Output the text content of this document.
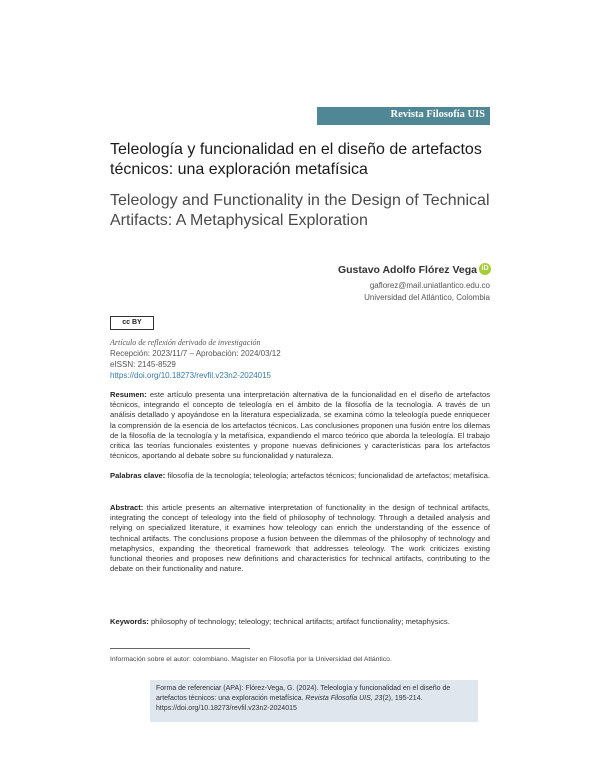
Revista Filosofía UIS
Teleología y funcionalidad en el diseño de artefactos técnicos: una exploración metafísica
Teleology and Functionality in the Design of Technical Artifacts: A Metaphysical Exploration
Gustavo Adolfo Flórez Vega iD
gaflorez@mail.uniatlantico.edu.co
Universidad del Atlántico, Colombia
cc BY
Artículo de reflexión derivado de investigación
Recepción: 2023/11/7 – Aprobación: 2024/03/12
eISSN: 2145-8529
https://doi.org/10.18273/revfil.v23n2-2024015
Resumen: este artículo presenta una interpretación alternativa de la funcionalidad en el diseño de artefactos técnicos, integrando el concepto de teleología en el ámbito de la filosofía de la tecnología. A través de un análisis detallado y apoyándose en la literatura especializada, se examina cómo la teleología puede enriquecer la comprensión de la esencia de los artefactos técnicos. Las conclusiones proponen una fusión entre los dilemas de la filosofía de la tecnología y la metafísica, expandiendo el marco teórico que aborda la teleología. El trabajo critica las teorías funcionales existentes y propone nuevas definiciones y características para los artefactos técnicos, aportando al debate sobre su funcionalidad y naturaleza.
Palabras clave: filosofía de la tecnología; teleología; artefactos técnicos; funcionalidad de artefactos; metafísica.
Abstract: this article presents an alternative interpretation of functionality in the design of technical artifacts, integrating the concept of teleology into the field of philosophy of technology. Through a detailed analysis and relying on specialized literature, it examines how teleology can enrich the understanding of the essence of technical artifacts. The conclusions propose a fusion between the dilemmas of the philosophy of technology and metaphysics, expanding the theoretical framework that addresses teleology. The work criticizes existing functional theories and proposes new definitions and characteristics for technical artifacts, contributing to the debate on their functionality and nature.
Keywords: philosophy of technology; teleology; technical artifacts; artifact functionality; metaphysics.
Información sobre el autor: colombiano. Magíster en Filosofía por la Universidad del Atlántico.
Forma de referenciar (APA): Flórez-Vega, G. (2024). Teleología y funcionalidad en el diseño de artefactos técnicos: una exploración metafísica. Revista Filosofía UIS, 23(2), 195-214. https://doi.org/10.18273/revfil.v23n2-2024015
